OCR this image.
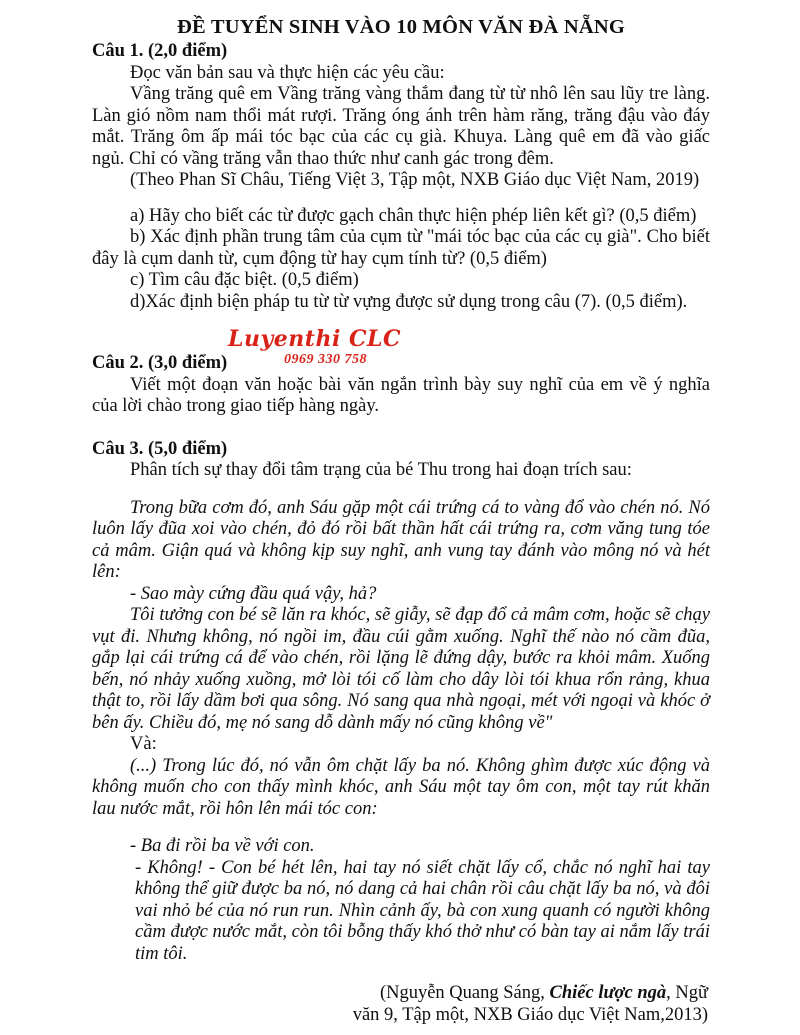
ĐỀ TUYỂN SINH VÀO 10 MÔN VĂN ĐÀ NẴNG
Câu 1. (2,0 điểm)
Đọc văn bản sau và thực hiện các yêu cầu:
Vầng trăng quê em Vầng trăng vàng thắm đang từ từ nhô lên sau lũy tre làng. Làn gió nồm nam thổi mát rượi. Trăng óng ánh trên hàm răng, trăng đậu vào đáy mắt. Trăng ôm ấp mái tóc bạc của các cụ già. Khuya. Làng quê em đã vào giấc ngủ. Chỉ có vầng trăng vẫn thao thức như canh gác trong đêm.
(Theo Phan Sĩ Châu, Tiếng Việt 3, Tập một, NXB Giáo dục Việt Nam, 2019)
a) Hãy cho biết các từ được gạch chân thực hiện phép liên kết gì? (0,5 điểm)
b) Xác định phần trung tâm của cụm từ "mái tóc bạc của các cụ già". Cho biết đây là cụm danh từ, cụm động từ hay cụm tính từ? (0,5 điểm)
c) Tìm câu đặc biệt. (0,5 điểm)
d)Xác định biện pháp tu từ từ vựng được sử dụng trong câu (7). (0,5 điểm).
Luyenthi CLC
0969 330 758
Câu 2. (3,0 điểm)
Viết một đoạn văn hoặc bài văn ngắn trình bày suy nghĩ của em về ý nghĩa của lời chào trong giao tiếp hàng ngày.
Câu 3. (5,0 điểm)
Phân tích sự thay đổi tâm trạng của bé Thu trong hai đoạn trích sau:
Trong bữa cơm đó, anh Sáu gặp một cái trứng cá to vàng đổ vào chén nó. Nó luôn lấy đũa xoi vào chén, đỏ đó rồi bất thần hất cái trứng ra, cơm văng tung tóe cả mâm. Giận quá và không kịp suy nghĩ, anh vung tay đánh vào mông nó và hét lên:
- Sao mày cứng đầu quá vậy, hả?
Tôi tưởng con bé sẽ lăn ra khóc, sẽ giẫy, sẽ đạp đổ cả mâm cơm, hoặc sẽ chạy vụt đi. Nhưng không, nó ngồi im, đầu cúi gằm xuống. Nghĩ thế nào nó cầm đũa, gắp lại cái trứng cá để vào chén, rồi lặng lẽ đứng dậy, bước ra khỏi mâm. Xuống bến, nó nhảy xuống xuồng, mở lòi tói cố làm cho dây lòi tói khua rổn rảng, khua thật to, rồi lấy dầm bơi qua sông. Nó sang qua nhà ngoại, mét với ngoại và khóc ở bên ấy. Chiều đó, mẹ nó sang dỗ dành mấy nó cũng không về"
Và:
(...) Trong lúc đó, nó vẫn ôm chặt lấy ba nó. Không ghìm được xúc động và không muốn cho con thấy mình khóc, anh Sáu một tay ôm con, một tay rút khăn lau nước mắt, rồi hôn lên mái tóc con:
- Ba đi rồi ba về với con.
- Không! - Con bé hét lên, hai tay nó siết chặt lấy cổ, chắc nó nghĩ hai tay không thể giữ được ba nó, nó dang cả hai chân rồi câu chặt lấy ba nó, và đôi vai nhỏ bé của nó run run. Nhìn cảnh ấy, bà con xung quanh có người không cầm được nước mắt, còn tôi bỗng thấy khó thở như có bàn tay ai nắm lấy trái tim tôi.
(Nguyễn Quang Sáng, Chiếc lược ngà, Ngữ
văn 9, Tập một, NXB Giáo dục Việt Nam,2013)
